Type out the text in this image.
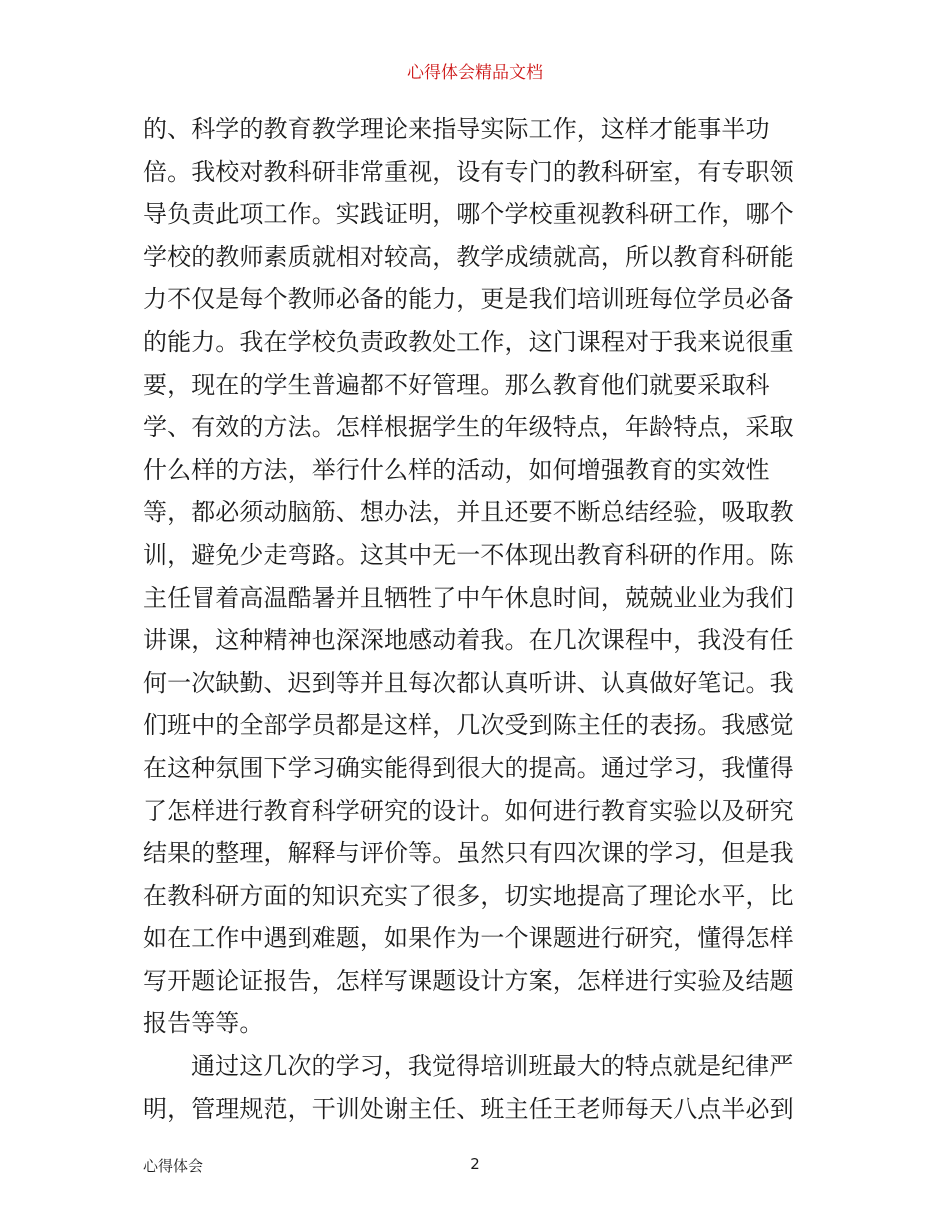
心得体会精品文档
的、科学的教育教学理论来指导实际工作，这样才能事半功
倍。我校对教科研非常重视，设有专门的教科研室，有专职领
导负责此项工作。实践证明，哪个学校重视教科研工作，哪个
学校的教师素质就相对较高，教学成绩就高，所以教育科研能
力不仅是每个教师必备的能力，更是我们培训班每位学员必备
的能力。我在学校负责政教处工作，这门课程对于我来说很重
要，现在的学生普遍都不好管理。那么教育他们就要采取科
学、有效的方法。怎样根据学生的年级特点，年龄特点，采取
什么样的方法，举行什么样的活动，如何增强教育的实效性
等，都必须动脑筋、想办法，并且还要不断总结经验，吸取教
训，避免少走弯路。这其中无一不体现出教育科研的作用。陈
主任冒着高温酷暑并且牺牲了中午休息时间，兢兢业业为我们
讲课，这种精神也深深地感动着我。在几次课程中，我没有任
何一次缺勤、迟到等并且每次都认真听讲、认真做好笔记。我
们班中的全部学员都是这样，几次受到陈主任的表扬。我感觉
在这种氛围下学习确实能得到很大的提高。通过学习，我懂得
了怎样进行教育科学研究的设计。如何进行教育实验以及研究
结果的整理，解释与评价等。虽然只有四次课的学习，但是我
在教科研方面的知识充实了很多，切实地提高了理论水平，比
如在工作中遇到难题，如果作为一个课题进行研究，懂得怎样
写开题论证报告，怎样写课题设计方案，怎样进行实验及结题
报告等等。
通过这几次的学习，我觉得培训班最大的特点就是纪律严
明，管理规范，干训处谢主任、班主任王老师每天八点半必到
心得体会	2
